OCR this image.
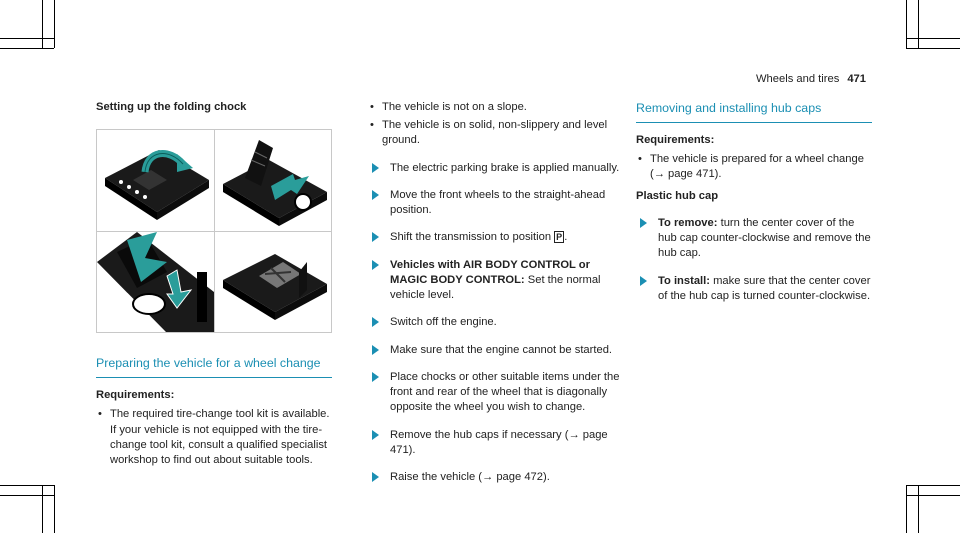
Wheels and tires 471
Setting up the folding chock
Preparing the vehicle for a wheel change
Requirements:
• The required tire-change tool kit is available. If your vehicle is not equipped with the tire-change tool kit, consult a qualified specialist workshop to find out about suitable tools.
• The vehicle is not on a slope.
• The vehicle is on solid, non-slippery and level ground.
The electric parking brake is applied manually.
Move the front wheels to the straight-ahead position.
Shift the transmission to position P .
Vehicles with AIR BODY CONTROL or MAGIC BODY CONTROL: Set the normal vehicle level.
Switch off the engine.
Make sure that the engine cannot be started.
Place chocks or other suitable items under the front and rear of the wheel that is diagonally opposite the wheel you wish to change.
Remove the hub caps if necessary (→ page 471).
Raise the vehicle (→ page 472).
Removing and installing hub caps
Requirements:
• The vehicle is prepared for a wheel change (→ page 471).
Plastic hub cap
To remove: turn the center cover of the hub cap counter-clockwise and remove the hub cap.
To install: make sure that the center cover of the hub cap is turned counter-clockwise.
